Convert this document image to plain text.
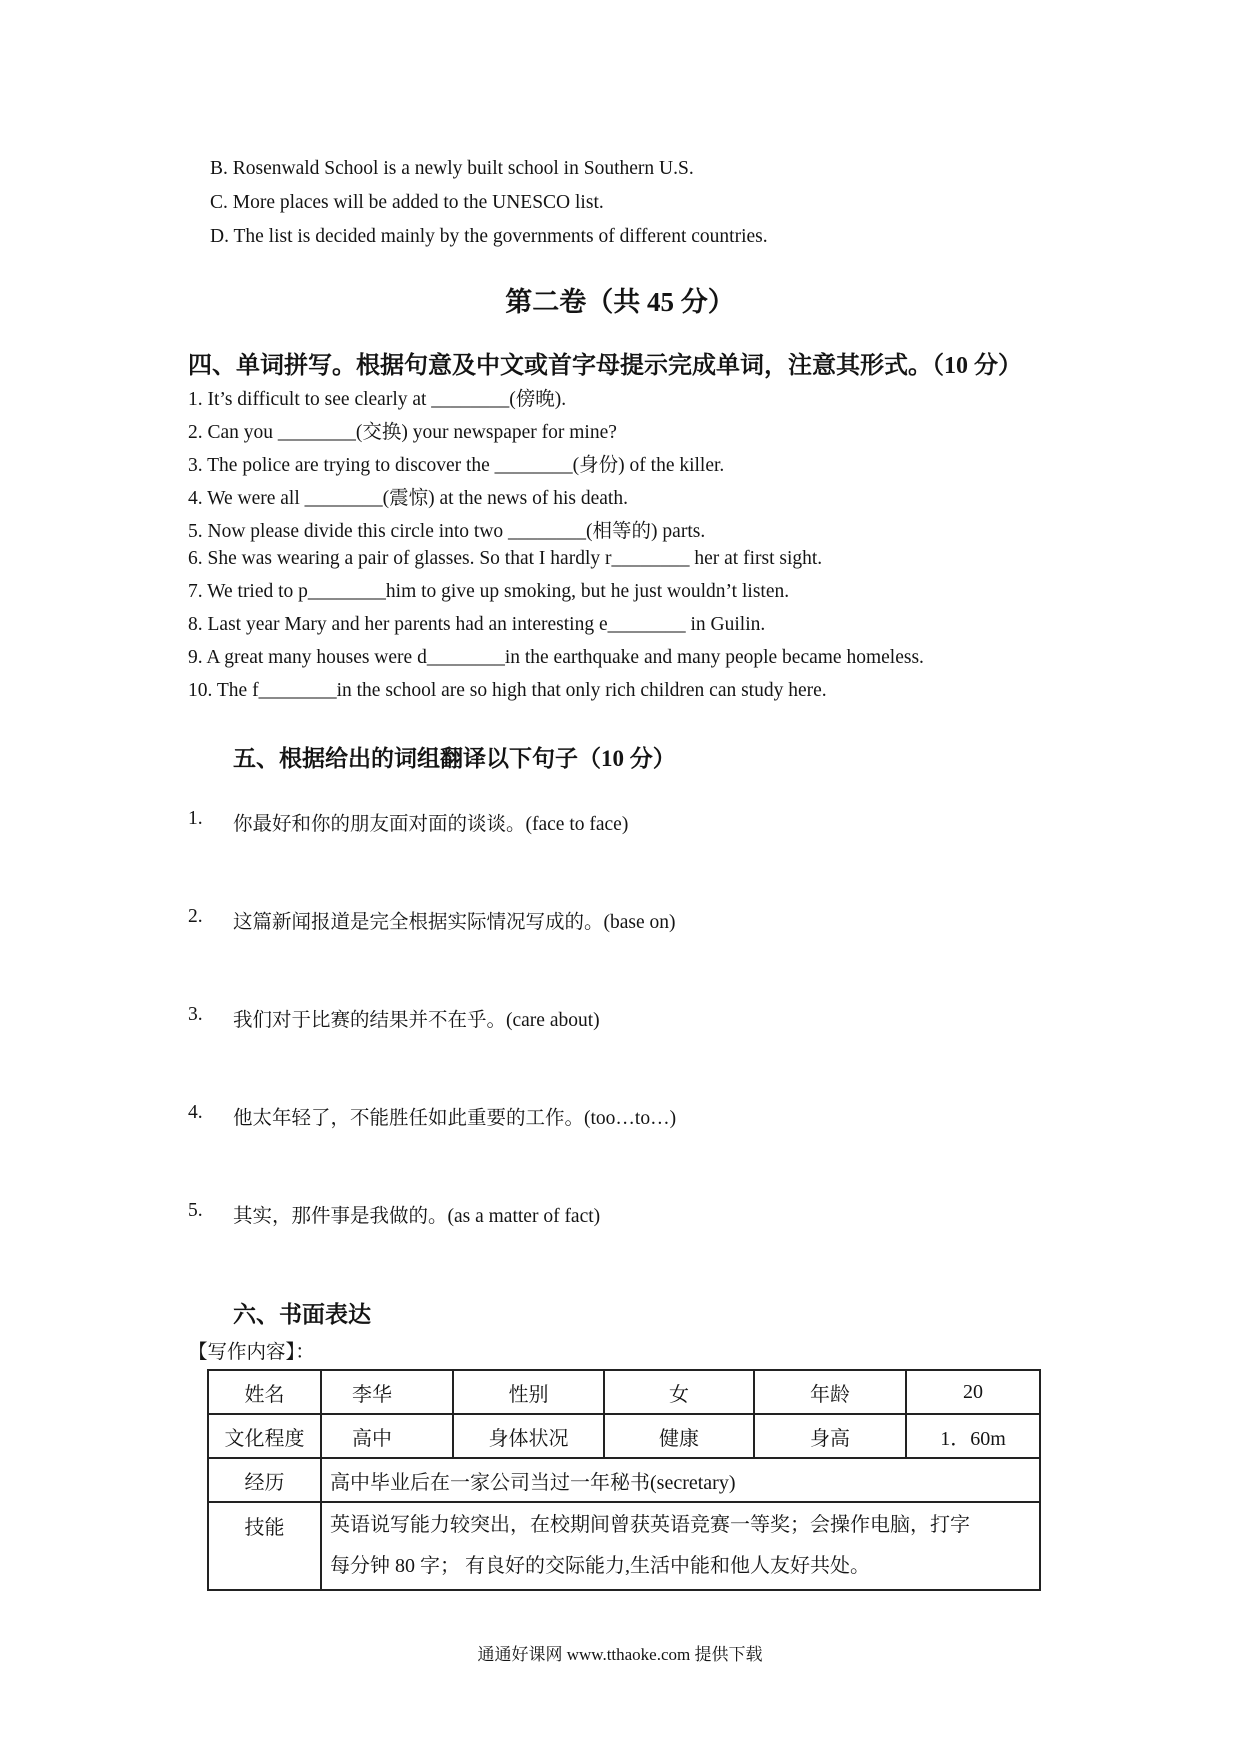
B. Rosenwald School is a newly built school in Southern U.S.
C. More places will be added to the UNESCO list.
D. The list is decided mainly by the governments of different countries.
第二卷（共 45 分）
四、单词拼写。根据句意及中文或首字母提示完成单词，注意其形式。（10 分）
1. It’s difficult to see clearly at ________(傍晚).
2. Can you ________(交换) your newspaper for mine?
3. The police are trying to discover the ________(身份) of the killer.
4. We were all ________(震惊) at the news of his death.
5. Now please divide this circle into two ________(相等的) parts.
6. She was wearing a pair of glasses. So that I hardly r________ her at first sight.
7. We tried to p________him to give up smoking, but he just wouldn’t listen.
8. Last year Mary and her parents had an interesting e________ in Guilin.
9. A great many houses were d________in the earthquake and many people became homeless.
10. The f________in the school are so high that only rich children can study here.
五、根据给出的词组翻译以下句子（10 分）
1. 你最好和你的朋友面对面的谈谈。(face to face)
2. 这篇新闻报道是完全根据实际情况写成的。(base on)
3. 我们对于比赛的结果并不在乎。(care about)
4. 他太年轻了，不能胜任如此重要的工作。(too…to…)
5. 其实，那件事是我做的。(as a matter of fact)
六、书面表达
【写作内容】：
姓名	李华	性别	女	年龄	20
文化程度	高中	身体状况	健康	身高	1．60m
经历	高中毕业后在一家公司当过一年秘书(secretary)				
技能	英语说写能力较突出，在校期间曾获英语竞赛一等奖；会操作电脑，打字
每分钟 80 字； 有良好的交际能力,生活中能和他人友好共处。				
通通好课网 www.tthaoke.com 提供下载
